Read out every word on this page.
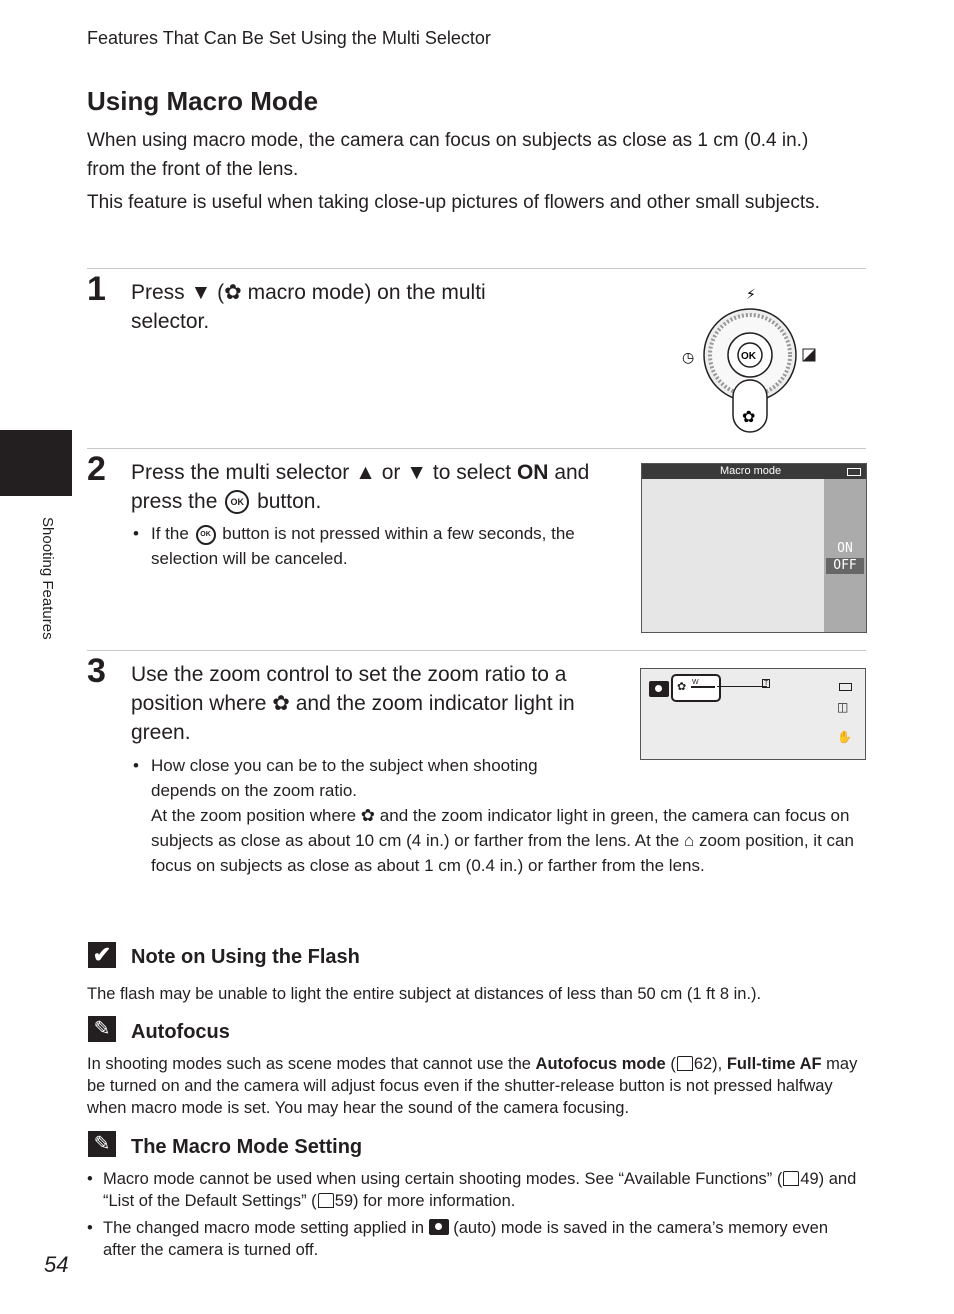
Features That Can Be Set Using the Multi Selector
Using Macro Mode
When using macro mode, the camera can focus on subjects as close as 1 cm (0.4 in.) from the front of the lens.
This feature is useful when taking close-up pictures of flowers and other small subjects.
Shooting Features
1 Press ▼ (✿ macro mode) on the multi selector.
⚡
OK
◷
✿
2 Press the multi selector ▲ or ▼ to select ON and press the OK button.
• If the OK button is not pressed within a few seconds, the selection will be canceled.
Macro mode
ON
OFF
3 Use the zoom control to set the zoom ratio to a position where ✿ and the zoom indicator light in green.
✿ W	T
◫
✋
• How close you can be to the subject when shooting depends on the zoom ratio.
At the zoom position where ✿ and the zoom indicator light in green, the camera can focus on subjects as close as about 10 cm (4 in.) or farther from the lens. At the ⌂ zoom position, it can focus on subjects as close as about 1 cm (0.4 in.) or farther from the lens.
✔ Note on Using the Flash
The flash may be unable to light the entire subject at distances of less than 50 cm (1 ft 8 in.).
✎ Autofocus
In shooting modes such as scene modes that cannot use the Autofocus mode ( 62), Full-time AF may be turned on and the camera will adjust focus even if the shutter-release button is not pressed halfway when macro mode is set. You may hear the sound of the camera focusing.
✎ The Macro Mode Setting
• Macro mode cannot be used when using certain shooting modes. See “Available Functions” ( 49) and “List of the Default Settings” ( 59) for more information.
• The changed macro mode setting applied in (auto) mode is saved in the camera’s memory even after the camera is turned off.
54
